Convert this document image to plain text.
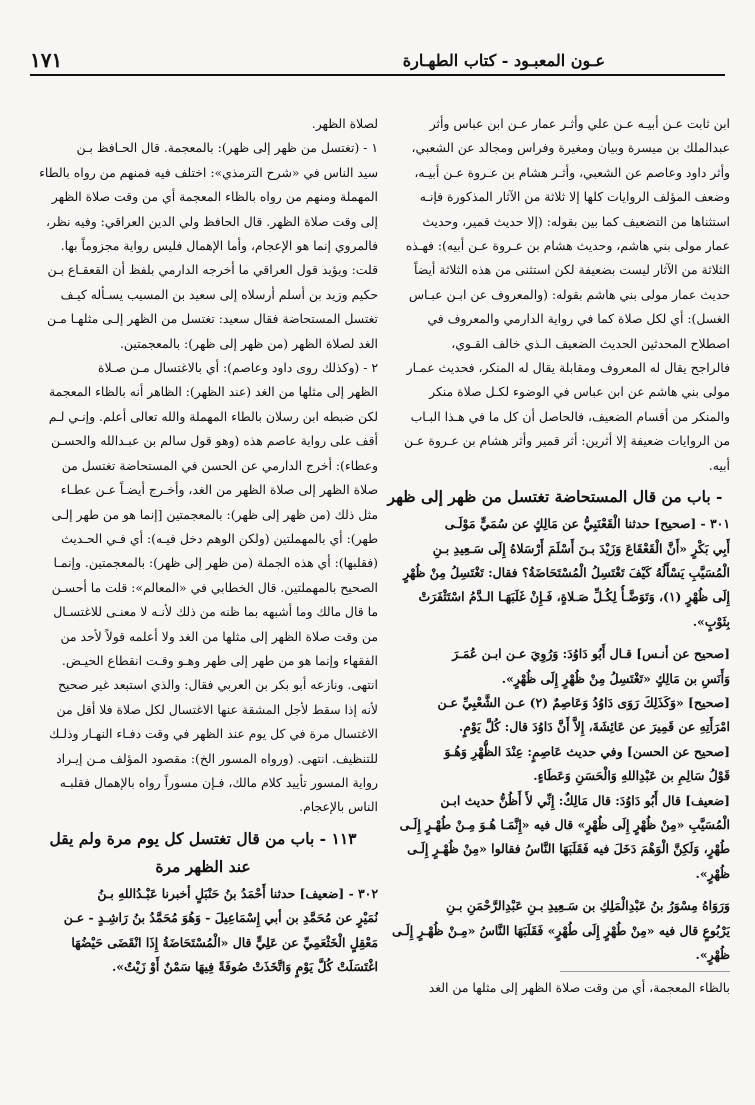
عـون المعبـود - كتاب الطهـارة
١٧١
ابن ثابت عـن أبيـه عـن علي وأثـر عمار عـن ابن عباس وأثر
عبدالملك بن ميسرة وبيان ومغيرة وفراس ومجالد عن الشعبي،
وأثر داود وعاصم عن الشعبي، وأثـر هشام بن عـروة عـن أبيـه،
وضعف المؤلف الروايات كلها إلا ثلاثة من الآثار المذكورة فإنـه
استثناها من التضعيف كما بين بقوله: (إلا حديث قمير، وحديث
عمار مولى بني هاشم، وحديث هشام بن عـروة عـن أبيه): فهـذه
الثلاثة من الآثار ليست بضعيفة لكن استثنى من هذه الثلاثة أيضاً
حديث عمار مولى بني هاشم بقوله: (والمعروف عن ابـن عبـاس
الغسل): أي لكل صلاة كما في رواية الدارمي والمعروف في
اصطلاح المحدثين الحديث الضعيف الـذي خالف القـوي،
فالراجح يقال له المعروف ومقابلة يقال له المنكر، فحديث عمـار
مولى بني هاشم عن ابن عباس في الوضوء لكـل صلاة منكر
والمنكر من أقسام الضعيف، فالحاصل أن كل ما في هـذا البـاب
من الروايات ضعيفة إلا أثرين: أثر قمير وأثر هشام بن عـروة عـن
أبيه.
- باب من قال المستحاضة تغتسل من ظهر إلى ظهر
٣٠١ - [صحيح] حدثنا الْقَعْنَبِيُّ عن مَالِكٍ عن سُمَيٍّ مَوْلَـى
أَبِي بَكْرٍ «أَنَّ الْقَعْقَاعَ وَزَيْدَ بـنَ أَسْلَمَ أَرْسَلاهُ إِلَى سَـعِيدِ بـنِ
الْمُسَيَّبِ يَسْأَلُهُ كَيْفَ تَغْتَسِلُ الْمُسْتَحَاضَةُ؟ فقال: تَغْتَسِلُ مِنْ ظُهْرٍ
إِلَى ظُهْرٍ (١)، وَتَوَضَّـأُ لِكُـلِّ صَـلاةٍ، فَـإِنْ غَلَبَهَـا الـدَّمُ اسْتَثْفَرَتْ
بِثَوْبٍ».
[صحيح عن أنـس] قـال أَبُو دَاوُدَ: وَرُوِيَ عـن ابـن عُمَـرَ
وَأَنَسِ بن مَالِكٍ «تَغْتَسِلُ مِنْ ظُهْرٍ إِلَى ظُهْرٍ».
[صحيح] «وَكَذَلِكَ رَوَى دَاوُدُ وَعَاصِمٌ (٢) عـن الشَّعْبِيِّ عـن
امْرَأَتِهِ عن قَمِيرَ عن عَائِشَةَ، إِلاَّ أَنَّ دَاوُدَ قال: كُلَّ يَوْمٍ.
[صحيح عن الحسن] وفي حديث عَاصِمٍ: عِنْدَ الظُّهْرِ وَهُـوَ
قَوْلُ سَالِمِ بن عَبْدِاللهِ وَالْحَسَنِ وَعَطَاءٍ.
[ضعيف] قال أَبُو دَاوُدَ: قال مَالِكٌ: إِنِّي لأَ أَظُنُّ حديث ابـن
الْمُسَيَّبِ «مِنْ ظُهْرٍ إِلَى ظُهْرٍ» قال فيه «إِنَّمَـا هُـوَ مِـنْ طُهْـرٍ إِلَـى
طُهْرٍ، وَلَكِنَّ الْوَهْمَ دَخَلَ فيه فَقَلَبَهَا النَّاسُ فقالوا «مِنْ ظُهْـرٍ إِلَـى
ظُهْرٍ».
وَرَوَاهُ مِسْوَرُ بنُ عَبْدِالْمَلِكِ بن سَـعِيدِ بـنِ عَبْدِالرَّحْمَنِ بـنِ
يَرْبُوعٍ قال فيه «مِنْ طُهْرٍ إِلَى طُهْرٍ» فَقَلَبَهَا النَّاسُ «مِـنْ ظُهْـرٍ إِلَـى
ظُهْرٍ».
بالظاء المعجمة، أي من وقت صلاة الظهر إلى مثلها من الغد
لصلاة الظهر.
١ - (تغتسل من ظهر إلى ظهر): بالمعجمة. قال الحـافظ بـن
سيد الناس في «شرح الترمذي»: اختلف فيه فمنهم من رواه بالطاء
المهملة ومنهم من رواه بالظاء المعجمة أي من وقت صلاة الظهر
إلى وقت صلاة الظهر. قال الحافظ ولي الدين العراقي: وفيه نظر،
فالمروي إنما هو الإعجام، وأما الإهمال فليس رواية مجزوماً بها.
قلت: ويؤيد قول العراقي ما أخرجه الدارمي بلفظ أن القعقـاع بـن
حكيم وزيد بن أسلم أرسلاه إلى سعيد بن المسيب يسـأله كيـف
تغتسل المستحاضة فقال سعيد: تغتسل من الظهر إلـى مثلهـا مـن
الغد لصلاة الظهر (من ظهر إلى ظهر): بالمعجمتين.
٢ - (وكذلك روى داود وعاصم): أي بالاغتسال مـن صـلاة
الظهر إلى مثلها من الغد (عند الظهر): الظاهر أنه بالظاء المعجمة
لكن ضبطه ابن رسلان بالطاء المهملة والله تعالى أعلم. وإنـي لـم
أقف على رواية عاصم هذه (وهو قول سالم بن عبـدالله والحسـن
وعطاء): أخرج الدارمي عن الحسن في المستحاضة تغتسل من
صلاة الظهر إلى صلاة الظهر من الغد، وأخـرج أيضـاً عـن عطـاء
مثل ذلك (من ظهر إلى ظهر): بالمعجمتين [إنما هو من طهر إلـى
طهر): أي بالمهملتين (ولكن الوهم دخل فيـه): أي فـي الحـديث
(فقلبها): أي هذه الجملة (من ظهر إلى ظهر): بالمعجمتين. وإنمـا
الصحيح بالمهملتين. قال الخطابي في «المعالم»: قلت ما أحسـن
ما قال مالك وما أشبهه بما ظنه من ذلك لأنـه لا معنـى للاغتسـال
من وقت صلاة الظهر إلى مثلها من الغد ولا أعلمه قولاً لأحد من
الفقهاء وإنما هو من طهر إلى طهر وهـو وقـت انقطاع الحيـض.
انتهى. ونازعه أبو بكر بن العربي فقال: والذي استبعد غير صحيح
لأنه إذا سقط لأجل المشقة عنها الاغتسال لكل صلاة فلا أقل من
الاغتسال مرة في كل يوم عند الظهر في وقت دفـاء النهـار وذلـك
للتنظيف. انتهى. (ورواه المسور الخ): مقصود المؤلف مـن إيـراد
رواية المسور تأييد كلام مالك، فـإن مسوراً رواه بالإهمال فقلبـه
الناس بالإعجام.
١١٣ - باب من قال تغتسل كل يوم مرة ولم يقل
عند الظهر مرة
٣٠٢ - [ضعيف] حدثنا أَحْمَدُ بنُ حَنْبَلٍ أخبرنا عَبْـدُاللهِ بـنُ
نُمَيْرٍ عن مُحَمَّدِ بن أبي إِسْمَاعِيلَ - وَهُوَ مُحَمَّدُ بنُ رَاشِـدٍ - عـن
مَعْقِلٍ الْخَثْعَمِيِّ عن عَلِيٍّ قال «الْمُسْتَحَاضَةُ إِذَا انْقَضَى حَيْضُهَا
اغْتَسَلَتْ كُلَّ يَوْمٍ وَاتَّخَذَتْ صُوفَةً فِيهَا سَمْنٌ أَوْ زَيْتٌ».
